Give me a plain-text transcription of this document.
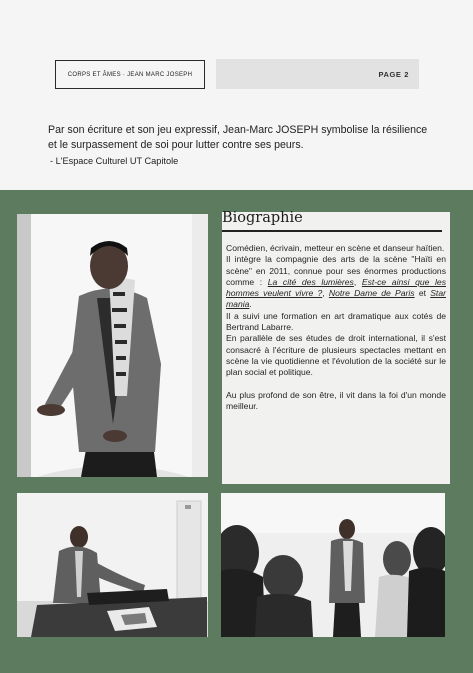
CORPS ET ÂMES · JEAN MARC JOSEPH	PAGE 2
Par son écriture et son jeu expressif, Jean-Marc JOSEPH symbolise la résilience et le surpassement de soi pour lutter contre ses peurs.
- L'Espace Culturel UT Capitole
Biographie

Comédien, écrivain, metteur en scène et danseur haïtien.

Il intègre la compagnie des arts de la scène "Haïti en scène" en 2011, connue pour ses énormes productions comme : La cité des lumières, Est-ce ainsi que les hommes veulent vivre ?, Notre Dame de Paris et Star mania.

Il a suivi une formation en art dramatique aux cotés de Bertrand Labarre.

En parallèle de ses études de droit international, il s'est consacré à l'écriture de plusieurs spectacles mettant en scène la vie quotidienne et l'évolution de la société sur le plan social et politique.

Au plus profond de son être, il vit dans la foi d'un monde meilleur.
